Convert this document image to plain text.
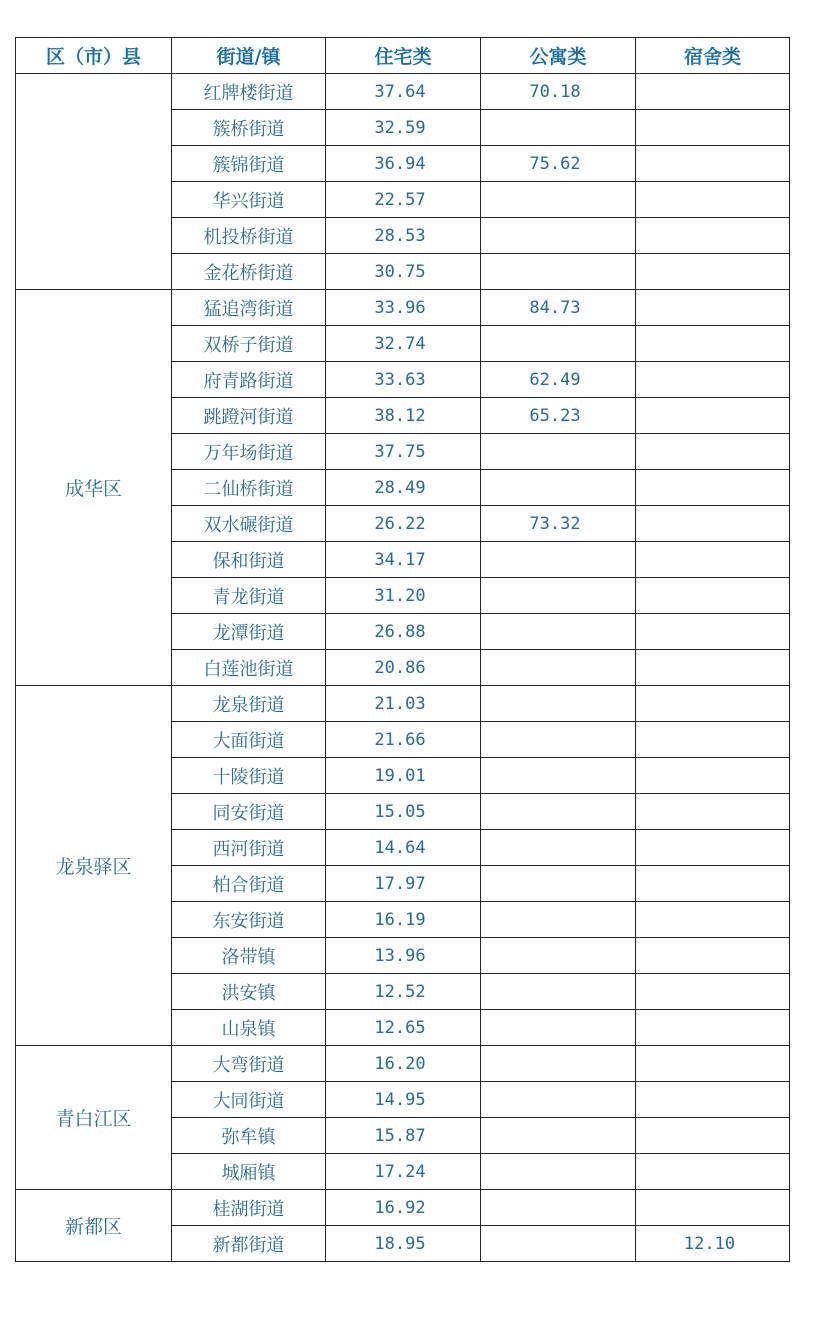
区（市）县	街道/镇	住宅类	公寓类	宿舍类
	红牌楼街道	37.64	70.18	
	簇桥街道	32.59		
	簇锦街道	36.94	75.62	
	华兴街道	22.57		
	机投桥街道	28.53		
	金花桥街道	30.75		
成华区	猛追湾街道	33.96	84.73	
	双桥子街道	32.74		
	府青路街道	33.63	62.49	
	跳蹬河街道	38.12	65.23	
	万年场街道	37.75		
	二仙桥街道	28.49		
	双水碾街道	26.22	73.32	
	保和街道	34.17		
	青龙街道	31.20		
	龙潭街道	26.88		
	白莲池街道	20.86		
龙泉驿区	龙泉街道	21.03		
	大面街道	21.66		
	十陵街道	19.01		
	同安街道	15.05		
	西河街道	14.64		
	柏合街道	17.97		
	东安街道	16.19		
	洛带镇	13.96		
	洪安镇	12.52		
	山泉镇	12.65		
青白江区	大弯街道	16.20		
	大同街道	14.95		
	弥牟镇	15.87		
	城厢镇	17.24		
新都区	桂湖街道	16.92		
	新都街道	18.95		12.10
